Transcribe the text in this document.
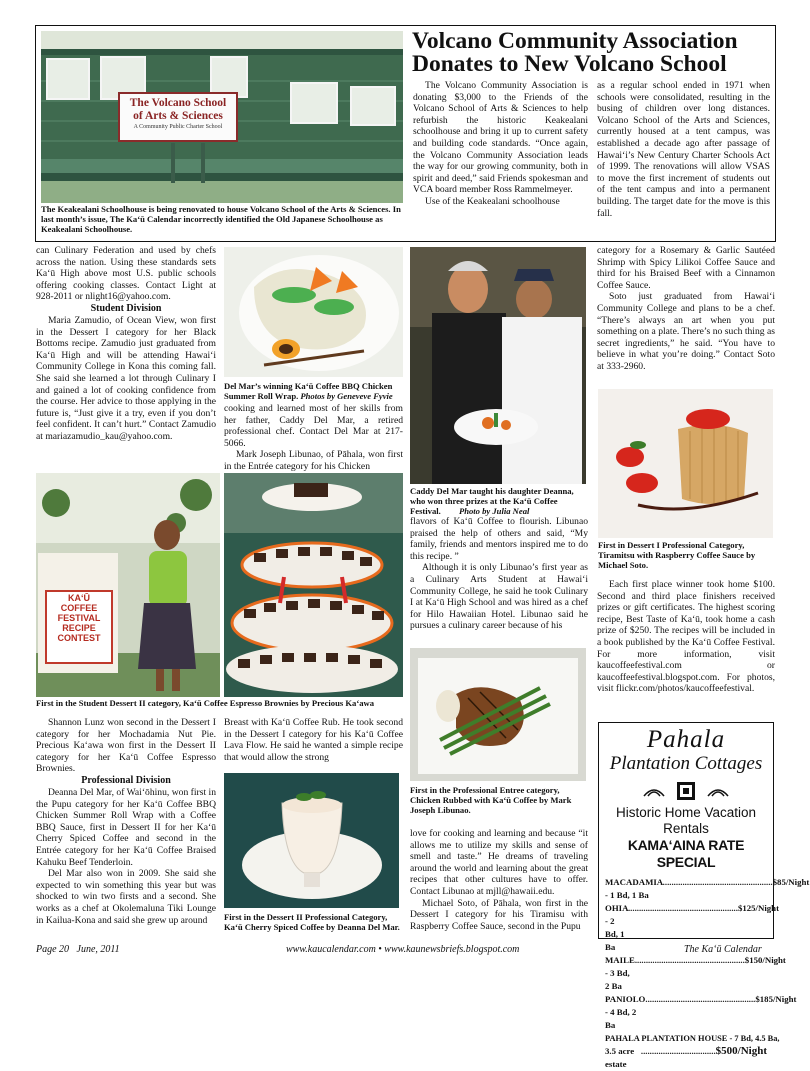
The Volcano School
of Arts & Sciences
A Community Public Charter School

The Keakealani Schoolhouse is being renovated to house Volcano School of the Arts & Sciences. In last month’s issue, The Ka‘ū Calendar incorrectly identified the Old Japanese Schoolhouse as Keakealani Schoolhouse.

Volcano Community Association Donates to New Volcano School

The Volcano Community Association is donating $3,000 to the Friends of the Volcano School of Arts & Sciences to help refurbish the historic Keakealani schoolhouse and bring it up to current safety and building code standards. “Once again, the Volcano Community Association leads the way for our growing community, both in spirit and deed,” said Friends spokesman and VCA board member Ross Rammelmeyer.

Use of the Keakealani schoolhouse

as a regular school ended in 1971 when schools were consolidated, resulting in the busing of children over long distances. Volcano School of the Arts and Sciences, currently housed at a tent campus, was established a decade ago after passage of Hawai‘i’s New Century Charter Schools Act of 1999. The renovations will allow VSAS to move the first increment of students out of the tent campus and into a permanent building. The target date for the move is this fall.

can Culinary Federation and used by chefs across the nation. Using these standards sets Ka‘ū High above most U.S. public schools offering cooking classes. Contact Light at 928-2011 or nlight16@yahoo.com.

Student Division

Maria Zamudio, of Ocean View, won first in the Dessert I category for her Black Bottoms recipe. Zamudio just graduated from Ka‘ū High and will be attending Hawai‘i Community College in Kona this coming fall. She said she learned a lot through Culinary I and gained a lot of cooking confidence from the course. Her advice to those applying in the future is, “Just give it a try, even if you don’t feel confident. It can’t hurt.” Contact Zamudio at mariazamudio_kau@yahoo.com.

KA‘Ū
COFFEE
FESTIVAL
RECIPE
CONTEST

First in the Student Dessert II category, Ka‘ū Coffee Espresso Brownies by Precious Ka‘awa

Shannon Lunz won second in the Dessert I category for her Mochadamia Nut Pie. Precious Ka‘awa won first in the Dessert II category for her Ka‘ū Coffee Espresso Brownies.

Professional Division

Deanna Del Mar, of Wai‘ōhinu, won first in the Pupu category for her Ka‘ū Coffee BBQ Chicken Summer Roll Wrap with a Coffee BBQ Sauce, first in Dessert II for her Ka‘ū Cherry Spiced Coffee and second in the Entrée category for her Ka‘ū Coffee Braised Kahuku Beef Tenderloin.

Del Mar also won in 2009. She said she expected to win something this year but was shocked to win two firsts and a second. She works as a chef at Okolemaluna Tiki Lounge in Kailua-Kona and said she grew up around

Del Mar’s winning Ka‘ū Coffee BBQ Chicken Summer Roll Wrap. Photos by Geneveve Fyvie

cooking and learned most of her skills from her father, Caddy Del Mar, a retired professional chef. Contact Del Mar at 217-5066.

Mark Joseph Libunao, of Pāhala, won first in the Entrée category for his Chicken

Breast with Ka‘ū Coffee Rub. He took second in the Dessert I category for his Ka‘ū Coffee Lava Flow. He said he wanted a simple recipe that would allow the strong

First in the Dessert II Professional Category, Ka‘ū Cherry Spiced Coffee by Deanna Del Mar.

Caddy Del Mar taught his daughter Deanna, who won three prizes at the Ka‘ū Coffee Festival. Photo by Julia Neal

flavors of Ka‘ū Coffee to flourish. Libunao praised the help of others and said, “My family, friends and mentors inspired me to do this recipe. ”

Although it is only Libunao’s first year as a Culinary Arts Student at Hawai‘i Community College, he said he took Culinary I at Ka‘ū High School and was hired as a chef for Hilo Hawaiian Hotel. Libunao said he pursues a culinary career because of his

First in the Professional Entree category, Chicken Rubbed with Ka‘ū Coffee by Mark Joseph Libunao.

love for cooking and learning and because “it allows me to utilize my skills and sense of smell and taste.” He dreams of traveling around the world and learning about the great recipes that other cultures have to offer. Contact Libunao at mjll@hawaii.edu.

Michael Soto, of Pāhala, won first in the Dessert I category for his Tiramisu with Raspberry Coffee Sauce, second in the Pupu

category for a Rosemary & Garlic Sautéed Shrimp with Spicy Lilikoi Coffee Sauce and third for his Braised Beef with a Cinnamon Coffee Sauce.

Soto just graduated from Hawai‘i Community College and plans to be a chef. “There’s always an art when you put something on a plate. There’s no such thing as secret ingredients,” he said. “You have to believe in what you’re doing.” Contact Soto at 333-2960.

First in Dessert I Professional Category, Tiramitsu with Raspberry Coffee Sauce by Michael Soto.

Each first place winner took home $100. Second and third place finishers received prizes or gift certificates. The highest scoring recipe, Best Taste of Ka‘ū, took home a cash prize of $250. The recipes will be included in a book published by the Ka‘ū Coffee Festival. For more information, visit kaucoffeefestival.com or kaucoffeefestival.blogspot.com. For photos, visit flickr.com/photos/kaucoffeefestival.

Pahala
Plantation Cottages
Historic Home Vacation Rentals
KAMA‘AINA RATE SPECIAL
MACADAMIA - 1 Bd, 1 Ba
.................................................. $85/Night
OHIA - 2 Bd, 1 Ba
.................................................. $125/Night
MAILE - 3 Bd, 2 Ba
.................................................. $150/Night
PANIOLO - 4 Bd, 2 Ba
.................................................. $185/Night
PAHALA PLANTATION HOUSE - 7 Bd, 4.5 Ba,
3.5 acre estate
.................................. $500/Night
Page 20   June, 2011	www.kaucalendar.com • www.kaunewsbriefs.blogspot.com	The Ka‘ū Calendar
